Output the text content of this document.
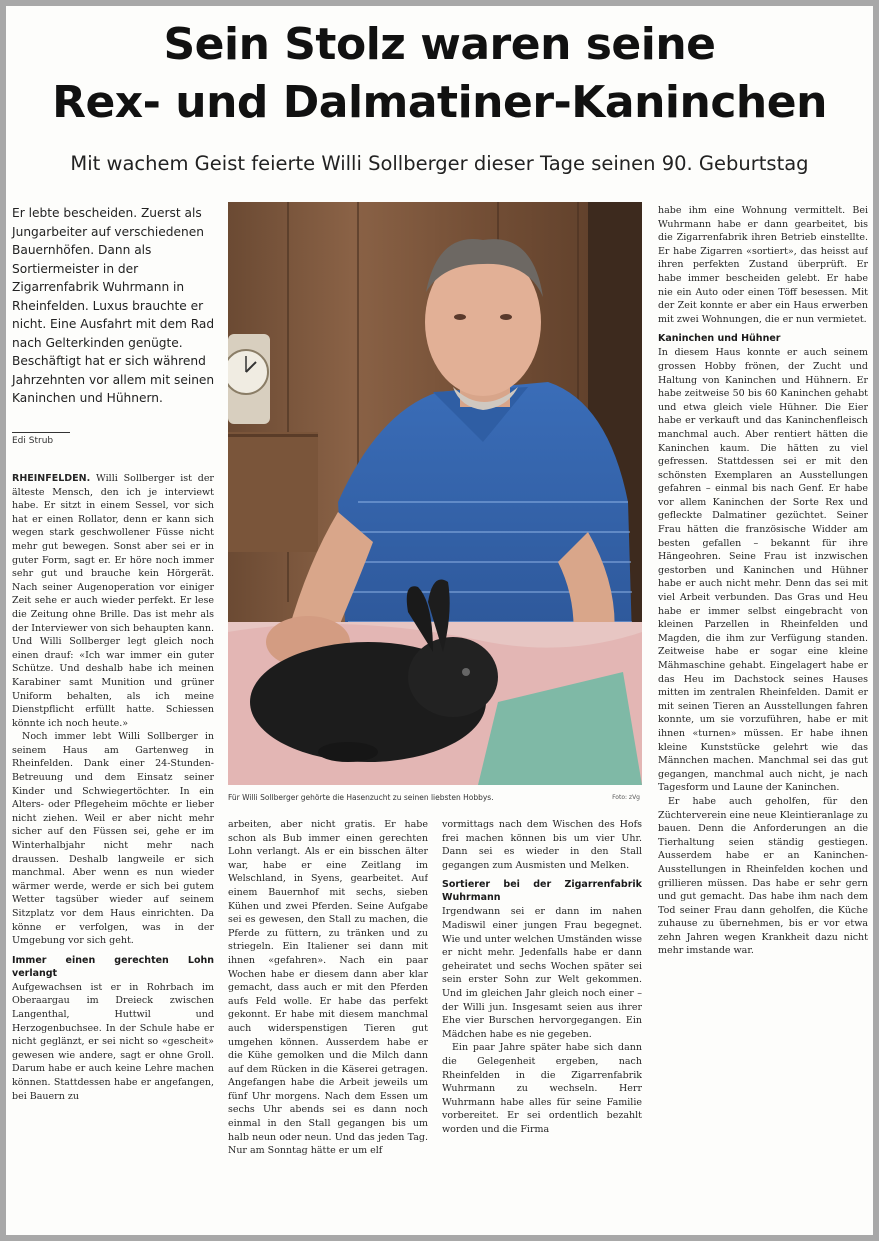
Sein Stolz waren seine
Rex- und Dalmatiner-Kaninchen
Mit wachem Geist feierte Willi Sollberger dieser Tage seinen 90. Geburtstag

Er lebte bescheiden. Zuerst als Jungarbeiter auf verschiedenen Bauernhöfen. Dann als Sortiermeister in der Zigarrenfabrik Wuhrmann in Rheinfelden. Luxus brauchte er nicht. Eine Ausfahrt mit dem Rad nach Gelterkinden genügte. Beschäftigt hat er sich während Jahrzehnten vor allem mit seinen Kaninchen und Hühnern.

Edi Strub

RHEINFELDEN. Willi Sollberger ist der älteste Mensch, den ich je interviewt habe. Er sitzt in einem Sessel, vor sich hat er einen Rollator, denn er kann sich wegen stark geschwollener Füsse nicht mehr gut bewegen. Sonst aber sei er in guter Form, sagt er. Er höre noch immer sehr gut und brauche kein Hörgerät. Nach seiner Augenoperation vor einiger Zeit sehe er auch wieder perfekt. Er lese die Zeitung ohne Brille. Das ist mehr als der Interviewer von sich behaupten kann. Und Willi Sollberger legt gleich noch einen drauf: «Ich war immer ein guter Schütze. Und deshalb habe ich meinen Karabiner samt Munition und grüner Uniform behalten, als ich meine Dienstpflicht erfüllt hatte. Schiessen könnte ich noch heute.»

Noch immer lebt Willi Sollberger in seinem Haus am Gartenweg in Rheinfelden. Dank einer 24-Stunden-Betreuung und dem Einsatz seiner Kinder und Schwiegertöchter. In ein Alters- oder Pflegeheim möchte er lieber nicht ziehen. Weil er aber nicht mehr sicher auf den Füssen sei, gehe er im Winterhalbjahr nicht mehr nach draussen. Deshalb langweile er sich manchmal. Aber wenn es nun wieder wärmer werde, werde er sich bei gutem Wetter tagsüber wieder auf seinem Sitzplatz vor dem Haus einrichten. Da könne er verfolgen, was in der Umgebung vor sich geht.

Immer einen gerechten Lohn verlangt

Aufgewachsen ist er in Rohrbach im Oberaargau im Dreieck zwischen Langenthal, Huttwil und Herzogenbuchsee. In der Schule habe er nicht geglänzt, er sei nicht so «gescheit» gewesen wie andere, sagt er ohne Groll. Darum habe er auch keine Lehre machen können. Stattdessen habe er angefangen, bei Bauern zu

Für Willi Sollberger gehörte die Hasenzucht zu seinen liebsten Hobbys.	Foto: zVg

arbeiten, aber nicht gratis. Er habe schon als Bub immer einen gerechten Lohn verlangt. Als er ein bisschen älter war, habe er eine Zeitlang im Welschland, in Syens, gearbeitet. Auf einem Bauernhof mit sechs, sieben Kühen und zwei Pferden. Seine Aufgabe sei es gewesen, den Stall zu machen, die Pferde zu füttern, zu tränken und zu striegeln. Ein Italiener sei dann mit ihnen «gefahren». Nach ein paar Wochen habe er diesem dann aber klar gemacht, dass auch er mit den Pferden aufs Feld wolle. Er habe das perfekt gekonnt. Er habe mit diesem manchmal auch widerspenstigen Tieren gut umgehen können. Ausserdem habe er die Kühe gemolken und die Milch dann auf dem Rücken in die Käserei getragen. Angefangen habe die Arbeit jeweils um fünf Uhr morgens. Nach dem Essen um sechs Uhr abends sei es dann noch einmal in den Stall gegangen bis um halb neun oder neun. Und das jeden Tag. Nur am Sonntag hätte er um elf

vormittags nach dem Wischen des Hofs frei machen können bis um vier Uhr. Dann sei es wieder in den Stall gegangen zum Ausmisten und Melken.

Sortierer bei der Zigarrenfabrik Wuhrmann

Irgendwann sei er dann im nahen Madiswil einer jungen Frau begegnet. Wie und unter welchen Umständen wisse er nicht mehr. Jedenfalls habe er dann geheiratet und sechs Wochen später sei sein erster Sohn zur Welt gekommen. Und im gleichen Jahr gleich noch einer – der Willi jun. Insgesamt seien aus ihrer Ehe vier Burschen hervorgegangen. Ein Mädchen habe es nie gegeben.

Ein paar Jahre später habe sich dann die Gelegenheit ergeben, nach Rheinfelden in die Zigarrenfabrik Wuhrmann zu wechseln. Herr Wuhrmann habe alles für seine Familie vorbereitet. Er sei ordentlich bezahlt worden und die Firma

habe ihm eine Wohnung vermittelt. Bei Wuhrmann habe er dann gearbeitet, bis die Zigarrenfabrik ihren Betrieb einstellte. Er habe Zigarren «sortiert», das heisst auf ihren perfekten Zustand überprüft. Er habe immer bescheiden gelebt. Er habe nie ein Auto oder einen Töff besessen. Mit der Zeit konnte er aber ein Haus erwerben mit zwei Wohnungen, die er nun vermietet.

Kaninchen und Hühner

In diesem Haus konnte er auch seinem grossen Hobby frönen, der Zucht und Haltung von Kaninchen und Hühnern. Er habe zeitweise 50 bis 60 Kaninchen gehabt und etwa gleich viele Hühner. Die Eier habe er verkauft und das Kaninchenfleisch manchmal auch. Aber rentiert hätten die Kaninchen kaum. Die hätten zu viel gefressen. Stattdessen sei er mit den schönsten Exemplaren an Ausstellungen gefahren – einmal bis nach Genf. Er habe vor allem Kaninchen der Sorte Rex und gefleckte Dalmatiner gezüchtet. Seiner Frau hätten die französische Widder am besten gefallen – bekannt für ihre Hängeohren. Seine Frau ist inzwischen gestorben und Kaninchen und Hühner habe er auch nicht mehr. Denn das sei mit viel Arbeit verbunden. Das Gras und Heu habe er immer selbst eingebracht von kleinen Parzellen in Rheinfelden und Magden, die ihm zur Verfügung standen. Zeitweise habe er sogar eine kleine Mähmaschine gehabt. Eingelagert habe er das Heu im Dachstock seines Hauses mitten im zentralen Rheinfelden. Damit er mit seinen Tieren an Ausstellungen fahren konnte, um sie vorzuführen, habe er mit ihnen «turnen» müssen. Er habe ihnen kleine Kunststücke gelehrt wie das Männchen machen. Manchmal sei das gut gegangen, manchmal auch nicht, je nach Tagesform und Laune der Kaninchen.

Er habe auch geholfen, für den Züchterverein eine neue Kleintieranlage zu bauen. Denn die Anforderungen an die Tierhaltung seien ständig gestiegen. Ausserdem habe er an Kaninchen-Ausstellungen in Rheinfelden kochen und grillieren müssen. Das habe er sehr gern und gut gemacht. Das habe ihm nach dem Tod seiner Frau dann geholfen, die Küche zuhause zu übernehmen, bis er vor etwa zehn Jahren wegen Krankheit dazu nicht mehr imstande war.
